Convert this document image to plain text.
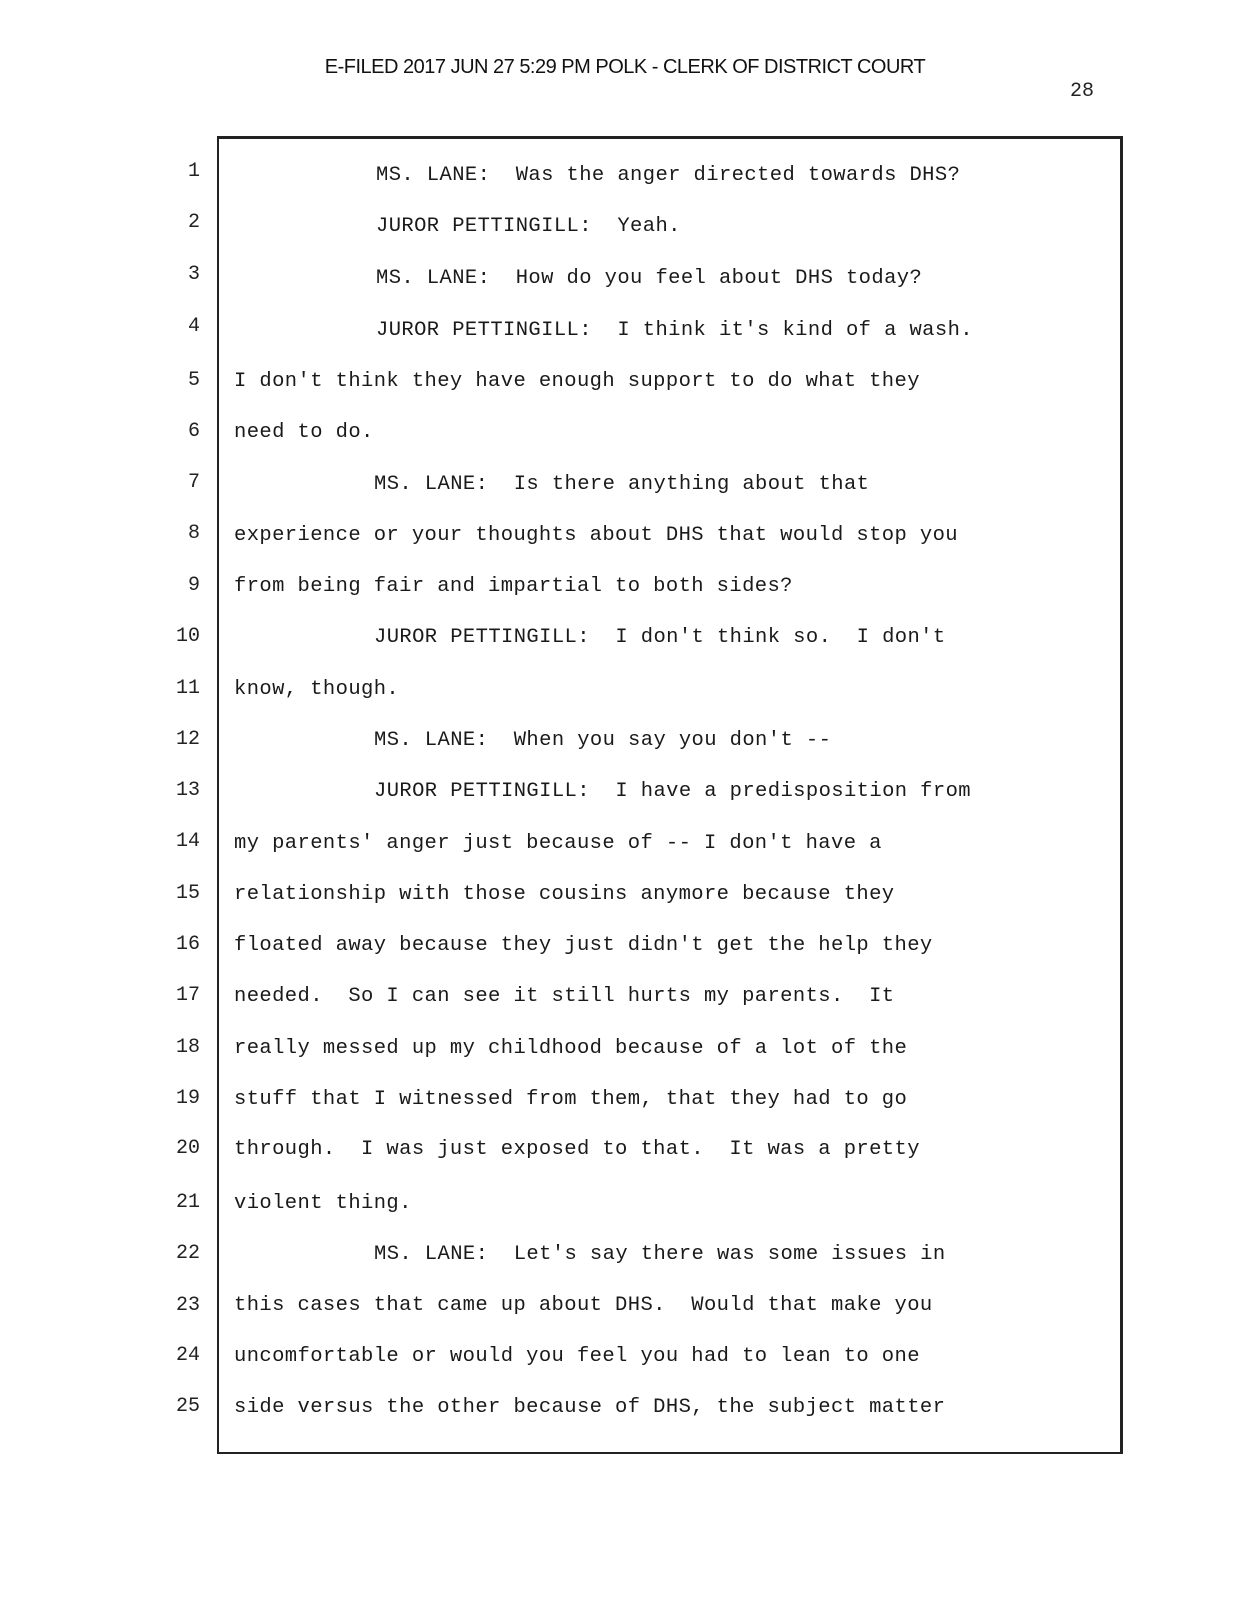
E-FILED 2017 JUN 27 5:29 PM POLK - CLERK OF DISTRICT COURT
28
1	MS. LANE:  Was the anger directed towards DHS?
2	JUROR PETTINGILL:  Yeah.
3	MS. LANE:  How do you feel about DHS today?
4	JUROR PETTINGILL:  I think it's kind of a wash.
5 I don't think they have enough support to do what they
6 need to do.
7	MS. LANE:  Is there anything about that
8 experience or your thoughts about DHS that would stop you
9 from being fair and impartial to both sides?
10	JUROR PETTINGILL:  I don't think so.  I don't
11 know, though.
12	MS. LANE:  When you say you don't --
13	JUROR PETTINGILL:  I have a predisposition from
14 my parents' anger just because of -- I don't have a
15 relationship with those cousins anymore because they
16 floated away because they just didn't get the help they
17 needed.  So I can see it still hurts my parents.  It
18 really messed up my childhood because of a lot of the
19 stuff that I witnessed from them, that they had to go
20 through.  I was just exposed to that.  It was a pretty
21 violent thing.
22	MS. LANE:  Let's say there was some issues in
23 this cases that came up about DHS.  Would that make you
24 uncomfortable or would you feel you had to lean to one
25 side versus the other because of DHS, the subject matter
